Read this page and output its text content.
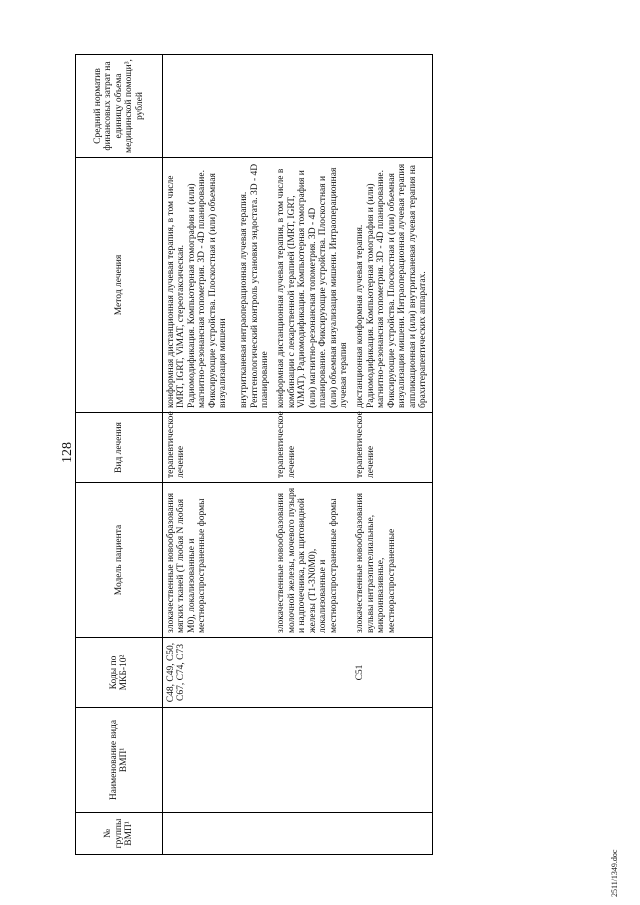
128
№ группы ВМП¹	Наименование вида ВМП¹	Коды по МКБ-10²	Модель пациента	Вид лечения	Метод лечения	Средний норматив финансовых затрат на единицу объема медицинской помощи³, рублей
		C48, C49, C50, C67, C74, C73	злокачественные новообразования мягких тканей (T любая N любая M0), локализованные и местнораспространенные формы	терапевтическое лечение	конформная дистанционная лучевая терапия, в том числе IMRT, IGRT, ViMAT, стереотаксическая. Радиомодификация. Компьютерная томография и (или) магнитно-резонансная топометрия. 3D - 4D планирование. Фиксирующие устройства. Плоскостная и (или) объемная визуализация мишени

внутритканевая интраоперационная лучевая терапия. Рентгенологический контроль установки эндостата. 3D - 4D планирование	
			злокачественные новообразования молочной железы, мочевого пузыря и надпочечника, рак щитовидной железы (T1-3N0M0), локализованные и местнораспространенные формы	терапевтическое лечение	конформная дистанционная лучевая терапия, в том числе в комбинации с лекарственной терапией (IMRT, IGRT, ViMAT). Радиомодификация. Компьютерная томография и (или) магнитно-резонансная топометрия. 3D - 4D планирование. Фиксирующие устройства. Плоскостная и (или) объемная визуализация мишени. Интраоперационная лучевая терапия	
		C51	злокачественные новообразования вульвы интраэпителиальные, микроинвазивные, местнораспространенные	терапевтическое лечение	дистанционная конформная лучевая терапия. Радиомодификация. Компьютерная томография и (или) магнитно-резонансная топометрия. 3D - 4D планирование. Фиксирующие устройства. Плоскостная и (или) объемная визуализация мишени. Интраоперационная лучевая терапия
аппликационная и (или) внутритканевая лучевая терапия на брахитерапевтических аппаратах.	
2511/1349.doc
